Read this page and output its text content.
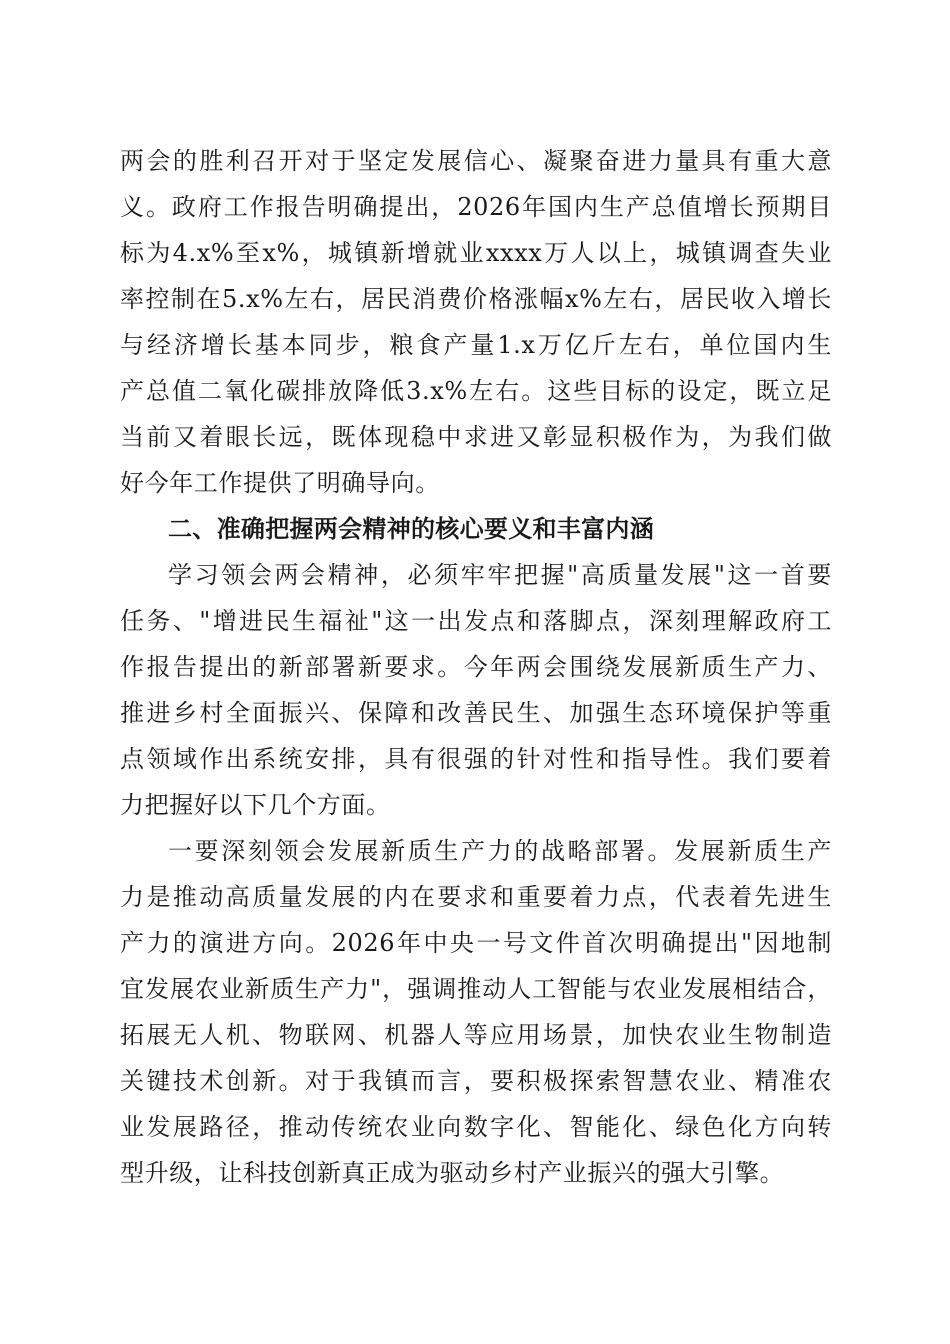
两会的胜利召开对于坚定发展信心、凝聚奋进力量具有重大意
义。政府工作报告明确提出，2026年国内生产总值增长预期目
标为4.x%至x%，城镇新增就业xxxx万人以上，城镇调查失业
率控制在5.x%左右，居民消费价格涨幅x%左右，居民收入增长
与经济增长基本同步，粮食产量1.x万亿斤左右，单位国内生
产总值二氧化碳排放降低3.x%左右。这些目标的设定，既立足
当前又着眼长远，既体现稳中求进又彰显积极作为，为我们做
好今年工作提供了明确导向。
二、准确把握两会精神的核心要义和丰富内涵
学习领会两会精神，必须牢牢把握"高质量发展"这一首要
任务、"增进民生福祉"这一出发点和落脚点，深刻理解政府工
作报告提出的新部署新要求。今年两会围绕发展新质生产力、
推进乡村全面振兴、保障和改善民生、加强生态环境保护等重
点领域作出系统安排，具有很强的针对性和指导性。我们要着
力把握好以下几个方面。
一要深刻领会发展新质生产力的战略部署。发展新质生产
力是推动高质量发展的内在要求和重要着力点，代表着先进生
产力的演进方向。2026年中央一号文件首次明确提出"因地制
宜发展农业新质生产力"，强调推动人工智能与农业发展相结合，
拓展无人机、物联网、机器人等应用场景，加快农业生物制造
关键技术创新。对于我镇而言，要积极探索智慧农业、精准农
业发展路径，推动传统农业向数字化、智能化、绿色化方向转
型升级，让科技创新真正成为驱动乡村产业振兴的强大引擎。
